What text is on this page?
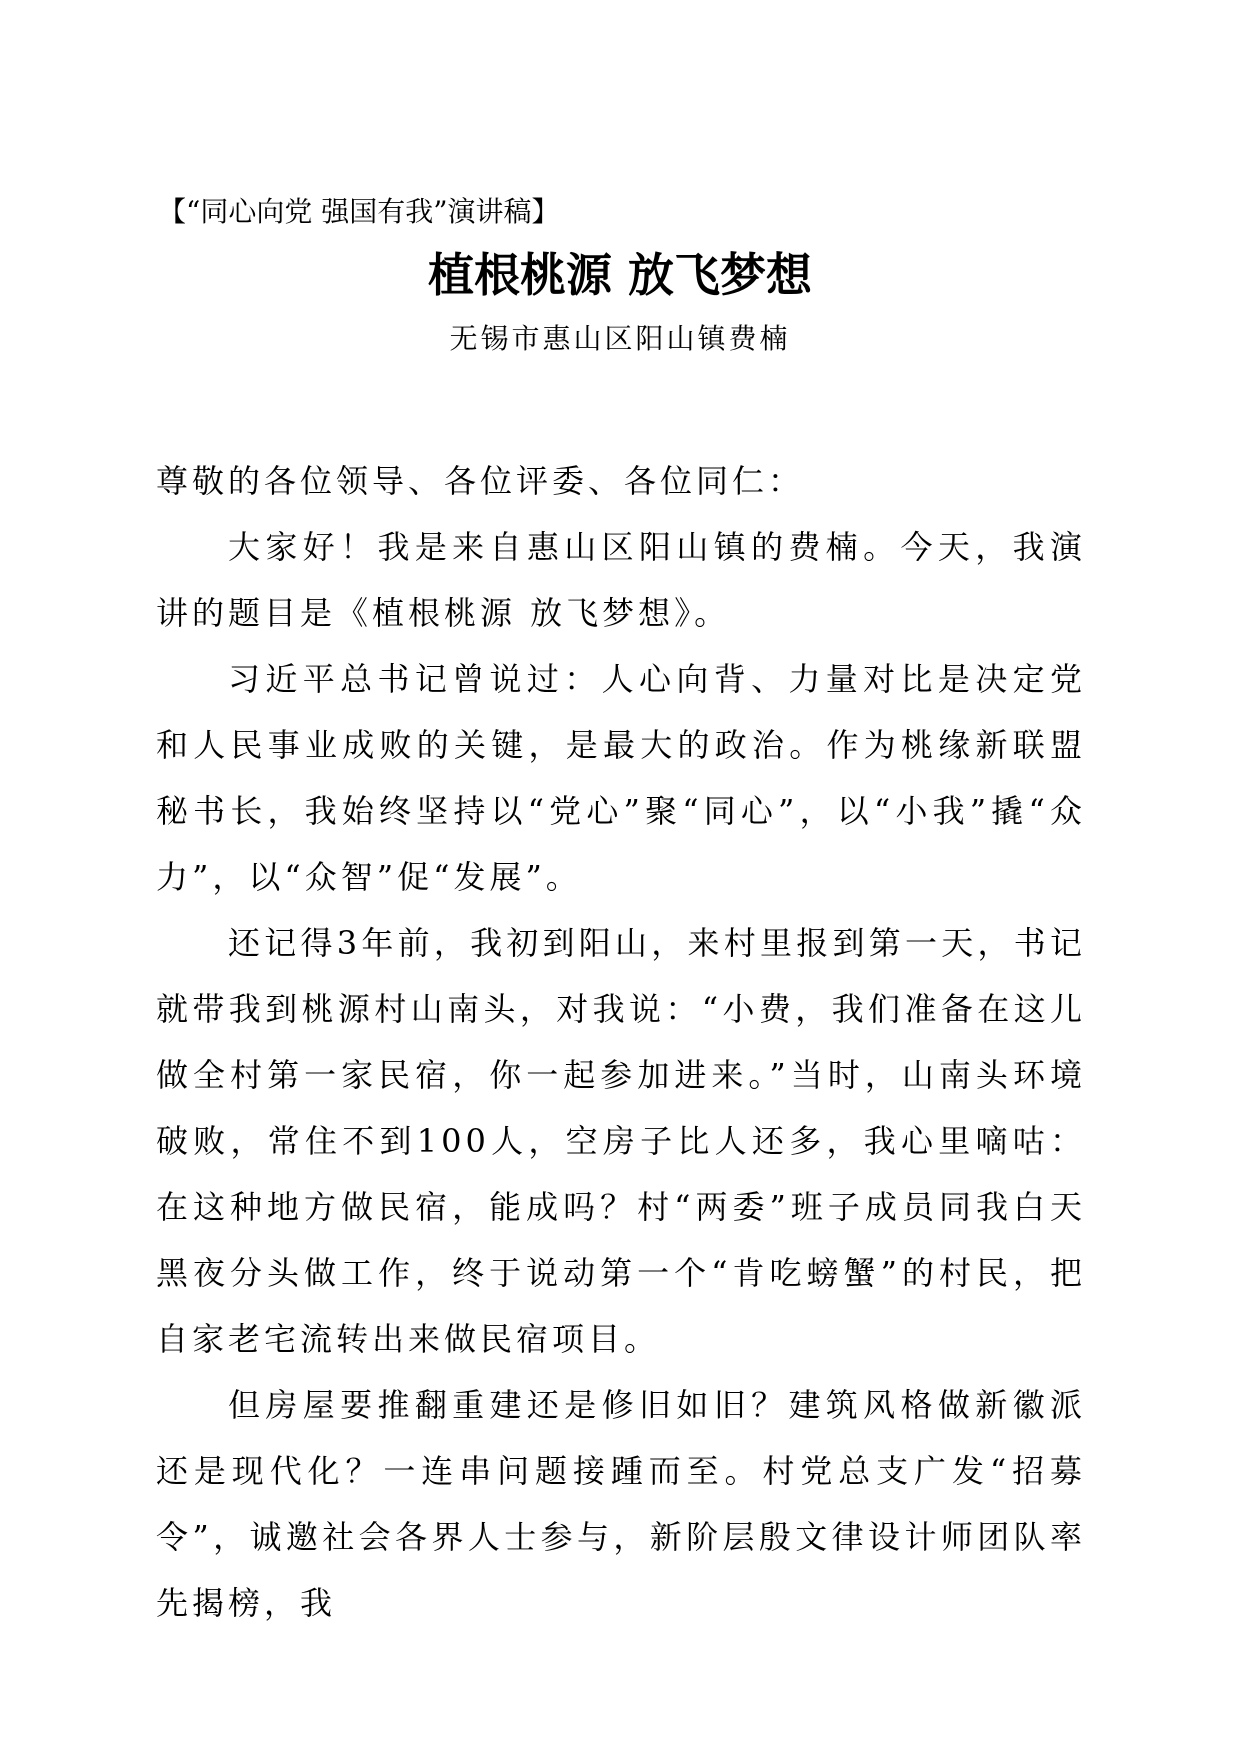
【“同心向党 强国有我”演讲稿】
植根桃源 放飞梦想
无锡市惠山区阳山镇费楠

尊敬的各位领导、各位评委、各位同仁：

大家好！我是来自惠山区阳山镇的费楠。今天，我演讲的题目是《植根桃源 放飞梦想》。

习近平总书记曾说过：人心向背、力量对比是决定党和人民事业成败的关键，是最大的政治。作为桃缘新联盟秘书长，我始终坚持以“党心”聚“同心”，以“小我”撬“众力”，以“众智”促“发展”。

还记得3年前，我初到阳山，来村里报到第一天，书记就带我到桃源村山南头，对我说：“小费，我们准备在这儿做全村第一家民宿，你一起参加进来。”当时，山南头环境破败，常住不到100人，空房子比人还多，我心里嘀咕：在这种地方做民宿，能成吗？村“两委”班子成员同我白天黑夜分头做工作，终于说动第一个“肯吃螃蟹”的村民，把自家老宅流转出来做民宿项目。

但房屋要推翻重建还是修旧如旧？建筑风格做新徽派还是现代化？一连串问题接踵而至。村党总支广发“招募令”，诚邀社会各界人士参与，新阶层殷文律设计师团队率先揭榜，我
